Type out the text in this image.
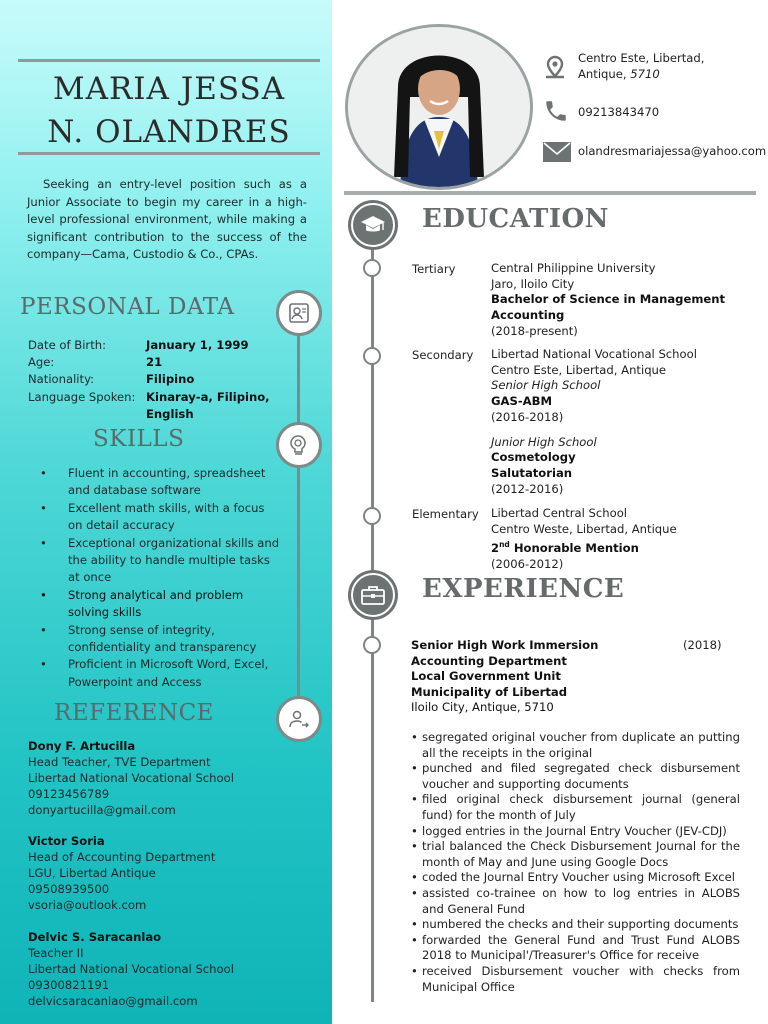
MARIA JESSA
N. OLANDRES
Seeking an entry-level position such as a Junior Associate to begin my career in a high-level professional environment, while making a significant contribution to the success of the company—Cama, Custodio & Co., CPAs.
PERSONAL DATA
Date of Birth:	January 1, 1999
Age:	21
Nationality:	Filipino
Language Spoken: Kinaray-a, Filipino, English
SKILLS
• Fluent in accounting, spreadsheet and database software
• Excellent math skills, with a focus on detail accuracy
• Exceptional organizational skills and the ability to handle multiple tasks at once
• Strong analytical and problem solving skills
• Strong sense of integrity, confidentiality and transparency
• Proficient in Microsoft Word, Excel, Powerpoint and Access
REFERENCE
Dony F. Artucilla
Head Teacher, TVE Department
Libertad National Vocational School
09123456789
donyartucilla@gmail.com
Victor Soria
Head of Accounting Department
LGU, Libertad Antique
09508939500
vsoria@outlook.com
Delvic S. Saracanlao
Teacher II
Libertad National Vocational School
09300821191
delvicsaracanlao@gmail.com
Centro Este, Libertad,
Antique, 5710
09213843470
olandresmariajessa@yahoo.com
EDUCATION
Tertiary	Central Philippine University
Jaro, Iloilo City
Bachelor of Science in Management Accounting
(2018-present)
Secondary Libertad National Vocational School
Centro Este, Libertad, Antique
Senior High School
GAS-ABM
(2016-2018)
Junior High School
Cosmetology
Salutatorian
(2012-2016)
Elementary Libertad Central School
Centro Weste, Libertad, Antique
2nd Honorable Mention
(2006-2012)
EXPERIENCE
Senior High Work Immersion
Accounting Department
Local Government Unit
Municipality of Libertad
Iloilo City, Antique, 5710
(2018)
• segregated original voucher from duplicate an putting all the receipts in the original
• punched and filed segregated check disbursement voucher and supporting documents
• filed original check disbursement journal (general fund) for the month of July
• logged entries in the Journal Entry Voucher (JEV-CDJ)
• trial balanced the Check Disbursement Journal for the month of May and June using Google Docs
• coded the Journal Entry Voucher using Microsoft Excel
• assisted co-trainee on how to log entries in ALOBS and General Fund
• numbered the checks and their supporting documents
• forwarded the General Fund and Trust Fund ALOBS 2018 to Municipal'/Treasurer's Office for receive
• received Disbursement voucher with checks from Municipal Office
